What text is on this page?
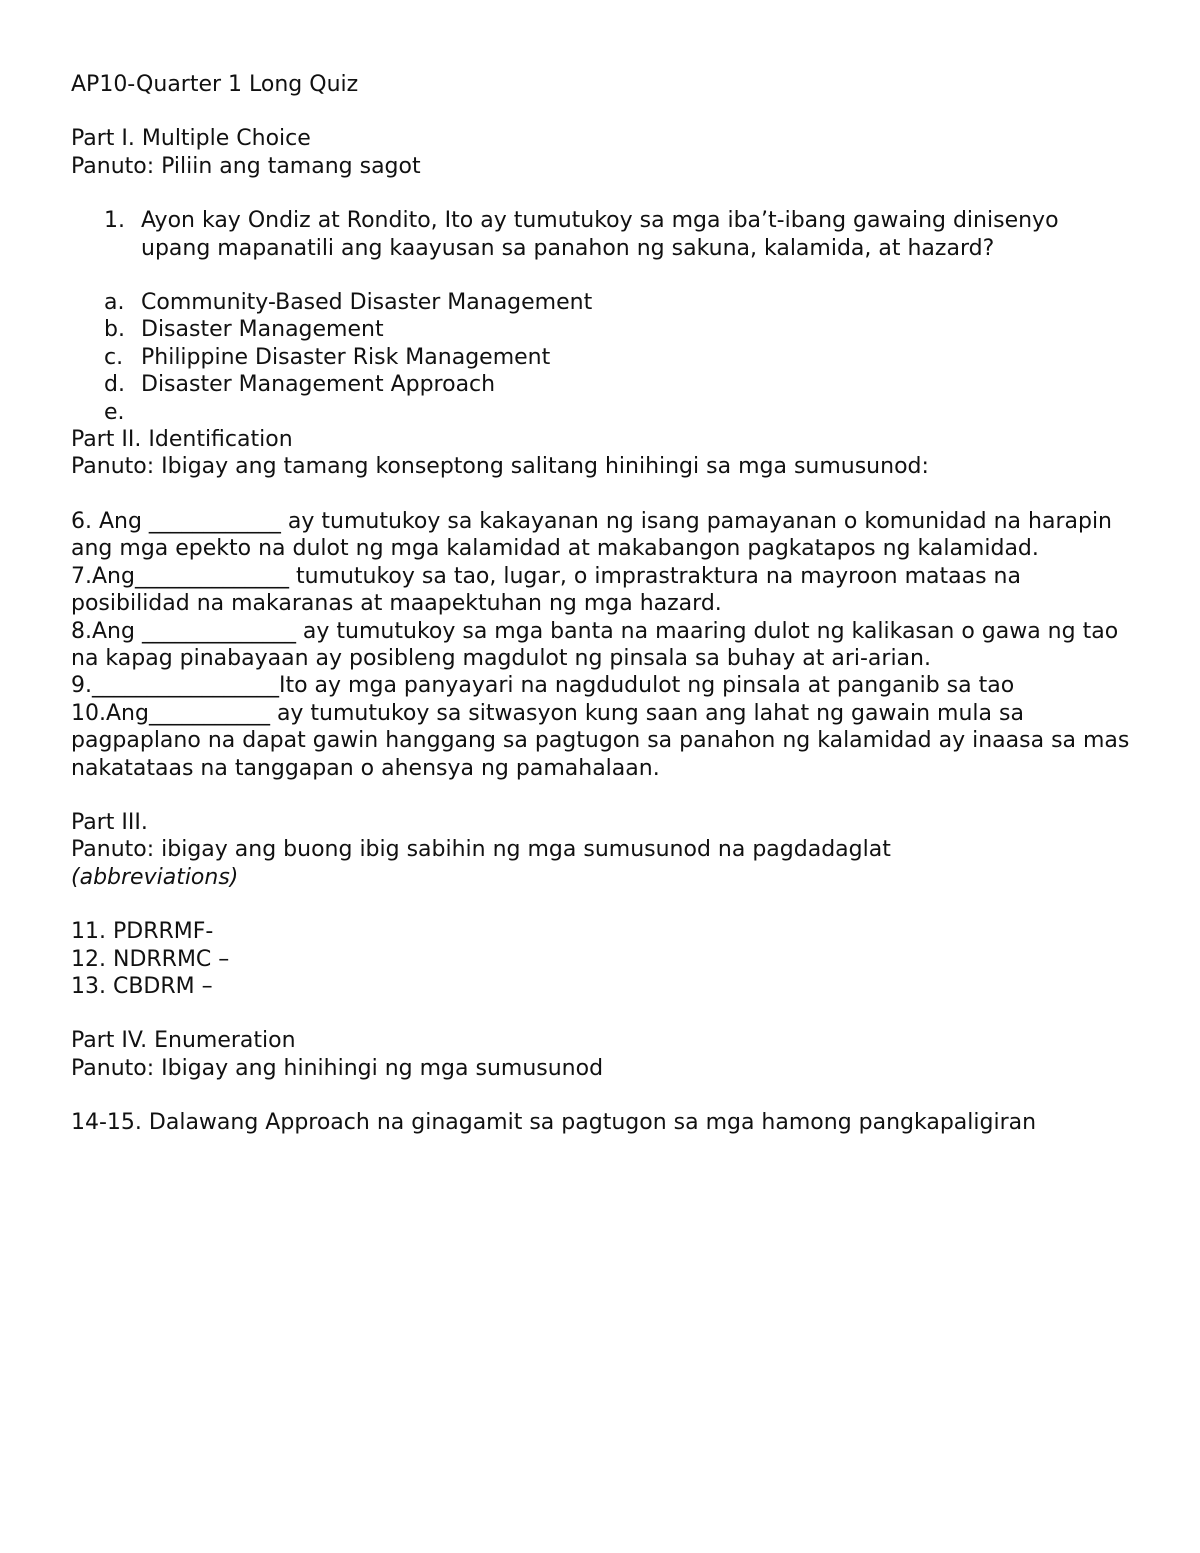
AP10-Quarter 1 Long Quiz

Part I. Multiple Choice

Panuto: Piliin ang tamang sagot

1. Ayon kay Ondiz at Rondito, Ito ay tumutukoy sa mga iba’t-ibang gawaing dinisenyo upang mapanatili ang kaayusan sa panahon ng sakuna, kalamida, at hazard?
a. Community-Based Disaster Management
b. Disaster Management
c. Philippine Disaster Risk Management
d. Disaster Management Approach
e.

Part II. Identification

Panuto: Ibigay ang tamang konseptong salitang hinihingi sa mga sumusunod:

6. Ang ____________ ay tumutukoy sa kakayanan ng isang pamayanan o komunidad na harapin ang mga epekto na dulot ng mga kalamidad at makabangon pagkatapos ng kalamidad.

7.Ang______________ tumutukoy sa tao, lugar, o imprastraktura na mayroon mataas na posibilidad na makaranas at maapektuhan ng mga hazard.

8.Ang ______________ ay tumutukoy sa mga banta na maaring dulot ng kalikasan o gawa ng tao na kapag pinabayaan ay posibleng magdulot ng pinsala sa buhay at ari-arian.

9._________________Ito ay mga panyayari na nagdudulot ng pinsala at panganib sa tao

10.Ang___________ ay tumutukoy sa sitwasyon kung saan ang lahat ng gawain mula sa pagpaplano na dapat gawin hanggang sa pagtugon sa panahon ng kalamidad ay inaasa sa mas nakatataas na tanggapan o ahensya ng pamahalaan.

Part III.

Panuto: ibigay ang buong ibig sabihin ng mga sumusunod na pagdadaglat

(abbreviations)

11. PDRRMF-

12. NDRRMC –

13. CBDRM –

Part IV. Enumeration

Panuto: Ibigay ang hinihingi ng mga sumusunod

14-15. Dalawang Approach na ginagamit sa pagtugon sa mga hamong pangkapaligiran
